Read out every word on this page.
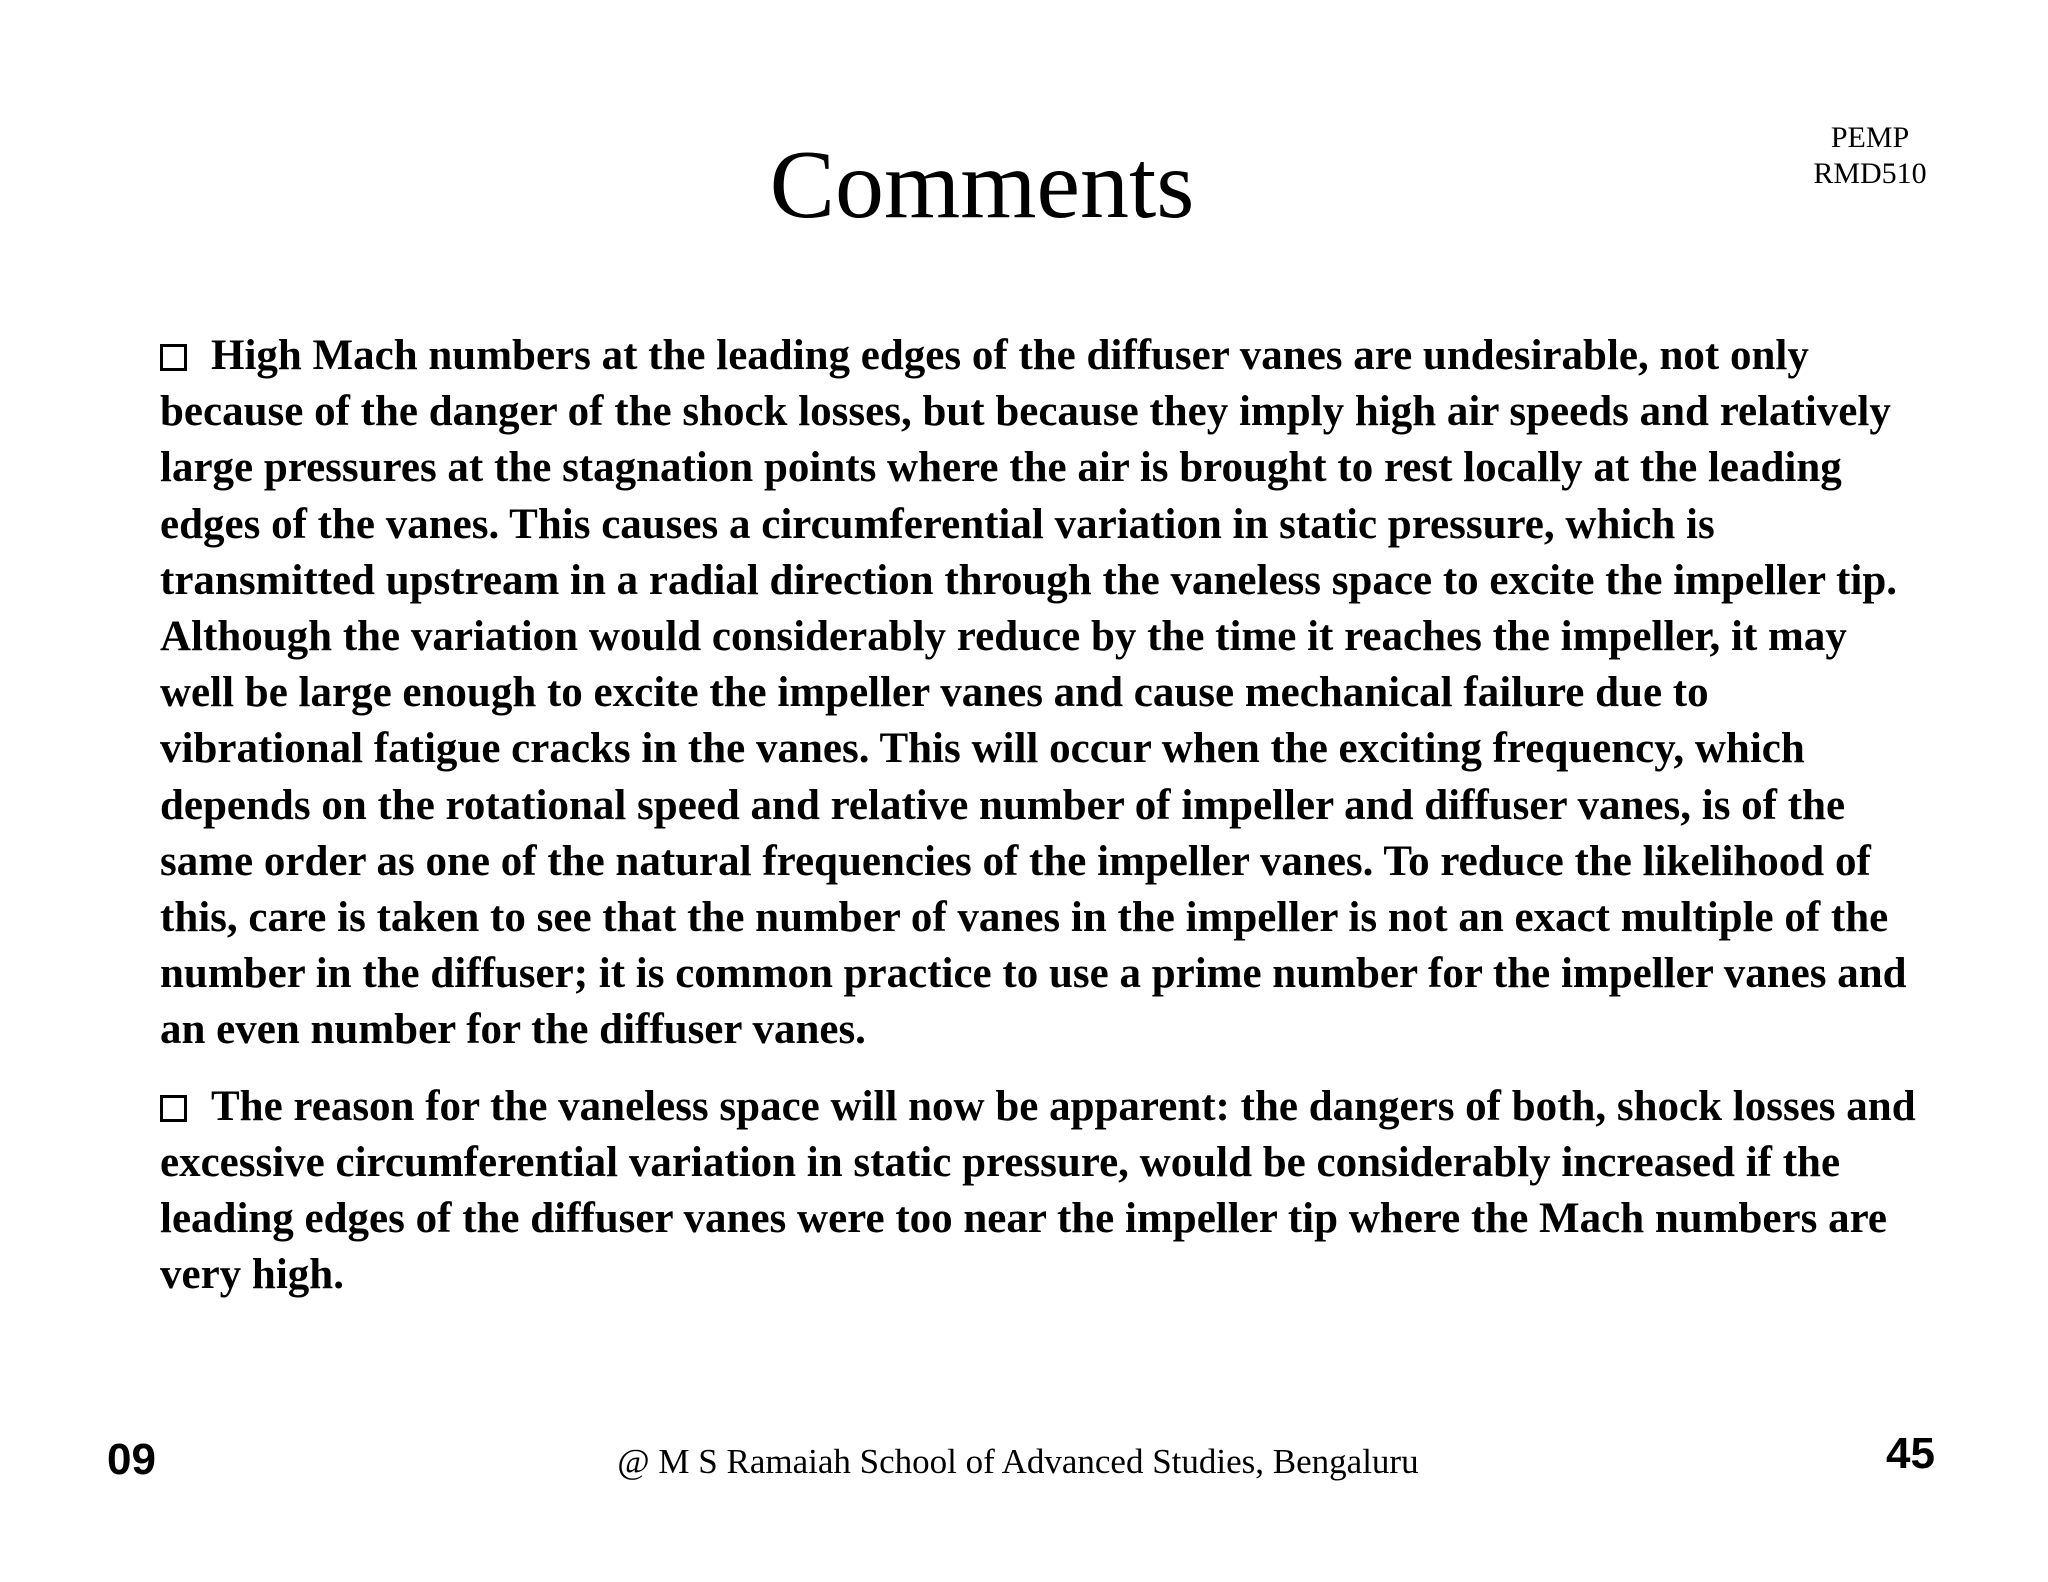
Comments	PEMP
RMD510

High Mach numbers at the leading edges of the diffuser vanes are undesirable, not only because of the danger of the shock losses, but because they imply high air speeds and relatively large pressures at the stagnation points where the air is brought to rest locally at the leading edges of the vanes. This causes a circumferential variation in static pressure, which is transmitted upstream in a radial direction through the vaneless space to excite the impeller tip. Although the variation would considerably reduce by the time it reaches the impeller, it may well be large enough to excite the impeller vanes and cause mechanical failure due to vibrational fatigue cracks in the vanes. This will occur when the exciting frequency, which depends on the rotational speed and relative number of impeller and diffuser vanes, is of the same order as one of the natural frequencies of the impeller vanes. To reduce the likelihood of this, care is taken to see that the number of vanes in the impeller is not an exact multiple of the number in the diffuser; it is common practice to use a prime number for the impeller vanes and an even number for the diffuser vanes.

The reason for the vaneless space will now be apparent: the dangers of both, shock losses and excessive circumferential variation in static pressure, would be considerably increased if the leading edges of the diffuser vanes were too near the impeller tip where the Mach numbers are very high.

09	@ M S Ramaiah School of Advanced Studies, Bengaluru	45
